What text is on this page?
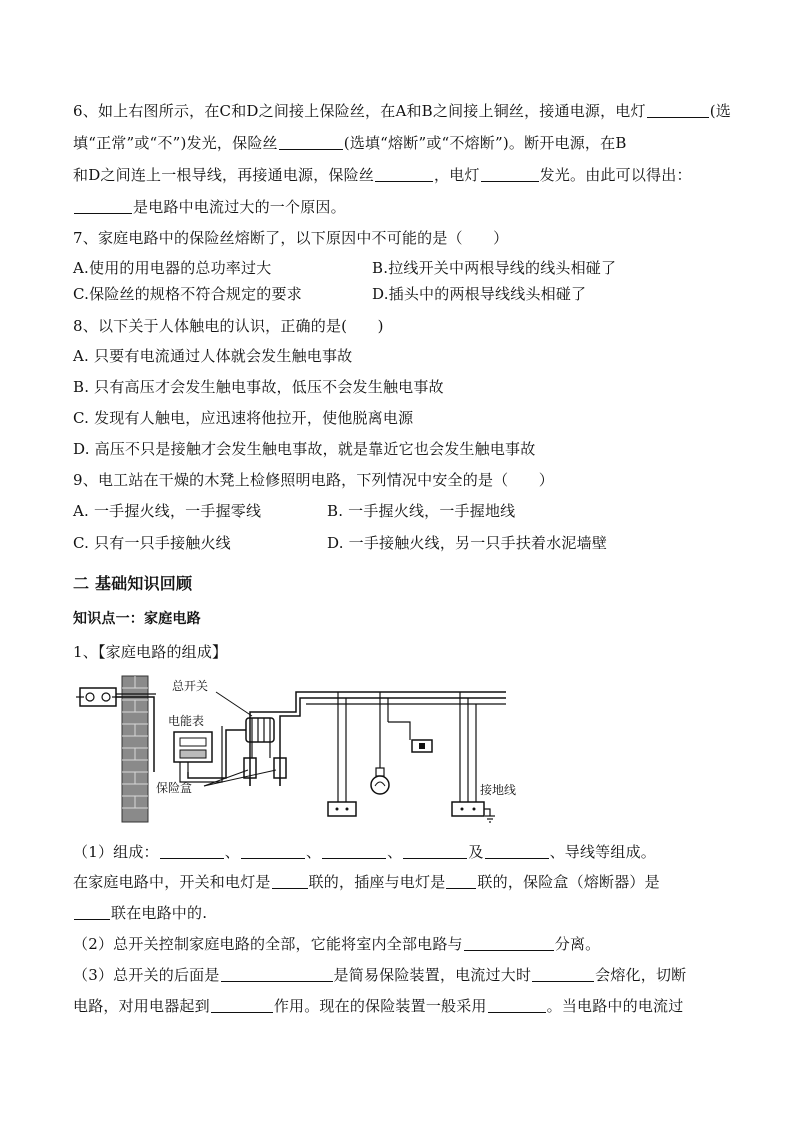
6、如上右图所示，在C和D之间接上保险丝，在A和B之间接上铜丝，接通电源，电灯	(选
填“正常”或“不”)发光，保险丝	(选填“熔断”或“不熔断”)。断开电源，在B
和D之间连上一根导线，再接通电源，保险丝	，电灯	发光。由此可以得出：
是电路中电流过大的一个原因。
7、家庭电路中的保险丝熔断了，以下原因中不可能的是（　　）
A.使用的用电器的总功率过大	B.拉线开关中两根导线的线头相碰了
C.保险丝的规格不符合规定的要求	D.插头中的两根导线线头相碰了
8、以下关于人体触电的认识，正确的是(　　)
A. 只要有电流通过人体就会发生触电事故
B. 只有高压才会发生触电事故，低压不会发生触电事故
C. 发现有人触电，应迅速将他拉开，使他脱离电源
D. 高压不只是接触才会发生触电事故，就是靠近它也会发生触电事故
9、电工站在干燥的木凳上检修照明电路，下列情况中安全的是（　　）
A. 一手握火线，一手握零线	B. 一手握火线，一手握地线
C. 只有一只手接触火线	D. 一手接触火线，另一只手扶着水泥墙壁
二 基础知识回顾
知识点一：家庭电路
1、【家庭电路的组成】
电能表
总开关
保险盒	接地线
（1）组成：	、	、	、	及	、导线等组成。
在家庭电路中，开关和电灯是	联的，插座与电灯是 联的，保险盒（熔断器）是
联在电路中的.
（2）总开关控制家庭电路的全部，它能将室内全部电路与	分离。
（3）总开关的后面是	是简易保险装置，电流过大时	会熔化，切断
电路，对用电器起到	作用。现在的保险装置一般采用	。当电路中的电流过
